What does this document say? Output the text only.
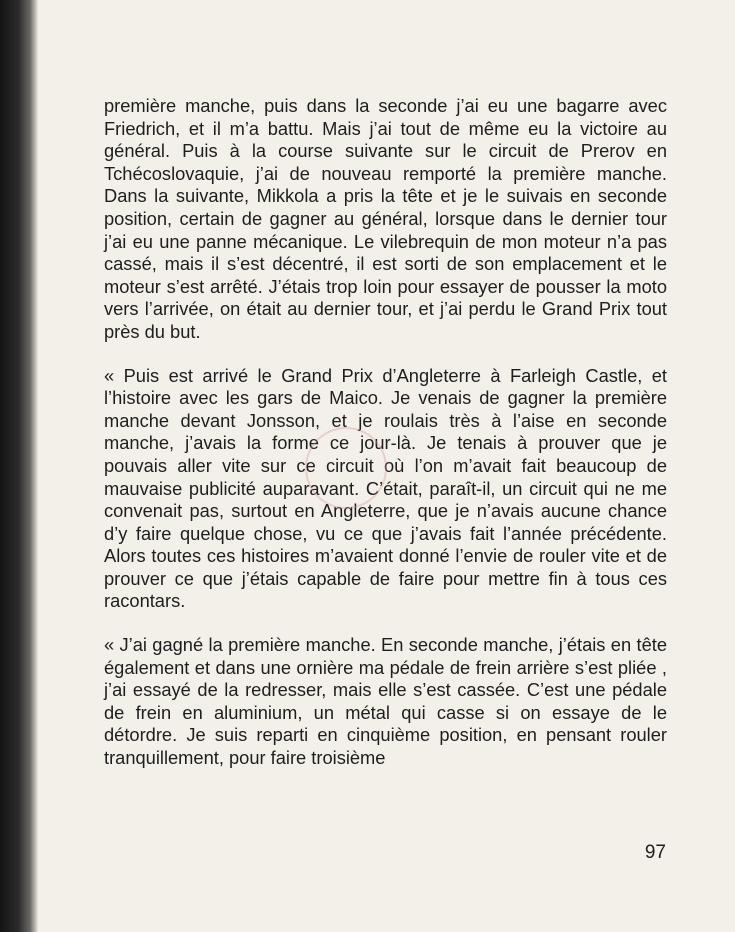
première manche, puis dans la seconde j’ai eu une bagarre avec Friedrich, et il m’a battu. Mais j’ai tout de même eu la victoire au général. Puis à la course suivante sur le circuit de Prerov en Tchécoslovaquie, j’ai de nouveau remporté la première manche. Dans la suivante, Mikkola a pris la tête et je le suivais en seconde position, certain de gagner au général, lorsque dans le dernier tour j’ai eu une panne mécanique. Le vilebrequin de mon moteur n’a pas cassé, mais il s’est décentré, il est sorti de son emplacement et le moteur s’est arrêté. J’étais trop loin pour essayer de pousser la moto vers l’arrivée, on était au dernier tour, et j’ai perdu le Grand Prix tout près du but.

« Puis est arrivé le Grand Prix d’Angleterre à Farleigh Castle, et l’histoire avec les gars de Maico. Je venais de gagner la première manche devant Jonsson, et je roulais très à l’aise en seconde manche, j’avais la forme ce jour-là. Je tenais à prouver que je pouvais aller vite sur ce circuit où l’on m’avait fait beaucoup de mauvaise publicité auparavant. C’était, paraît-il, un circuit qui ne me convenait pas, surtout en Angleterre, que je n’avais aucune chance d’y faire quelque chose, vu ce que j’avais fait l’année précédente. Alors toutes ces histoires m’avaient donné l’envie de rouler vite et de prouver ce que j’étais capable de faire pour mettre fin à tous ces racontars.

« J’ai gagné la première manche. En seconde manche, j’étais en tête également et dans une ornière ma pédale de frein arrière s’est pliée , j’ai essayé de la redresser, mais elle s’est cassée. C’est une pédale de frein en aluminium, un métal qui casse si on essaye de le détordre. Je suis reparti en cinquième position, en pensant rouler tranquillement, pour faire troisième

97
